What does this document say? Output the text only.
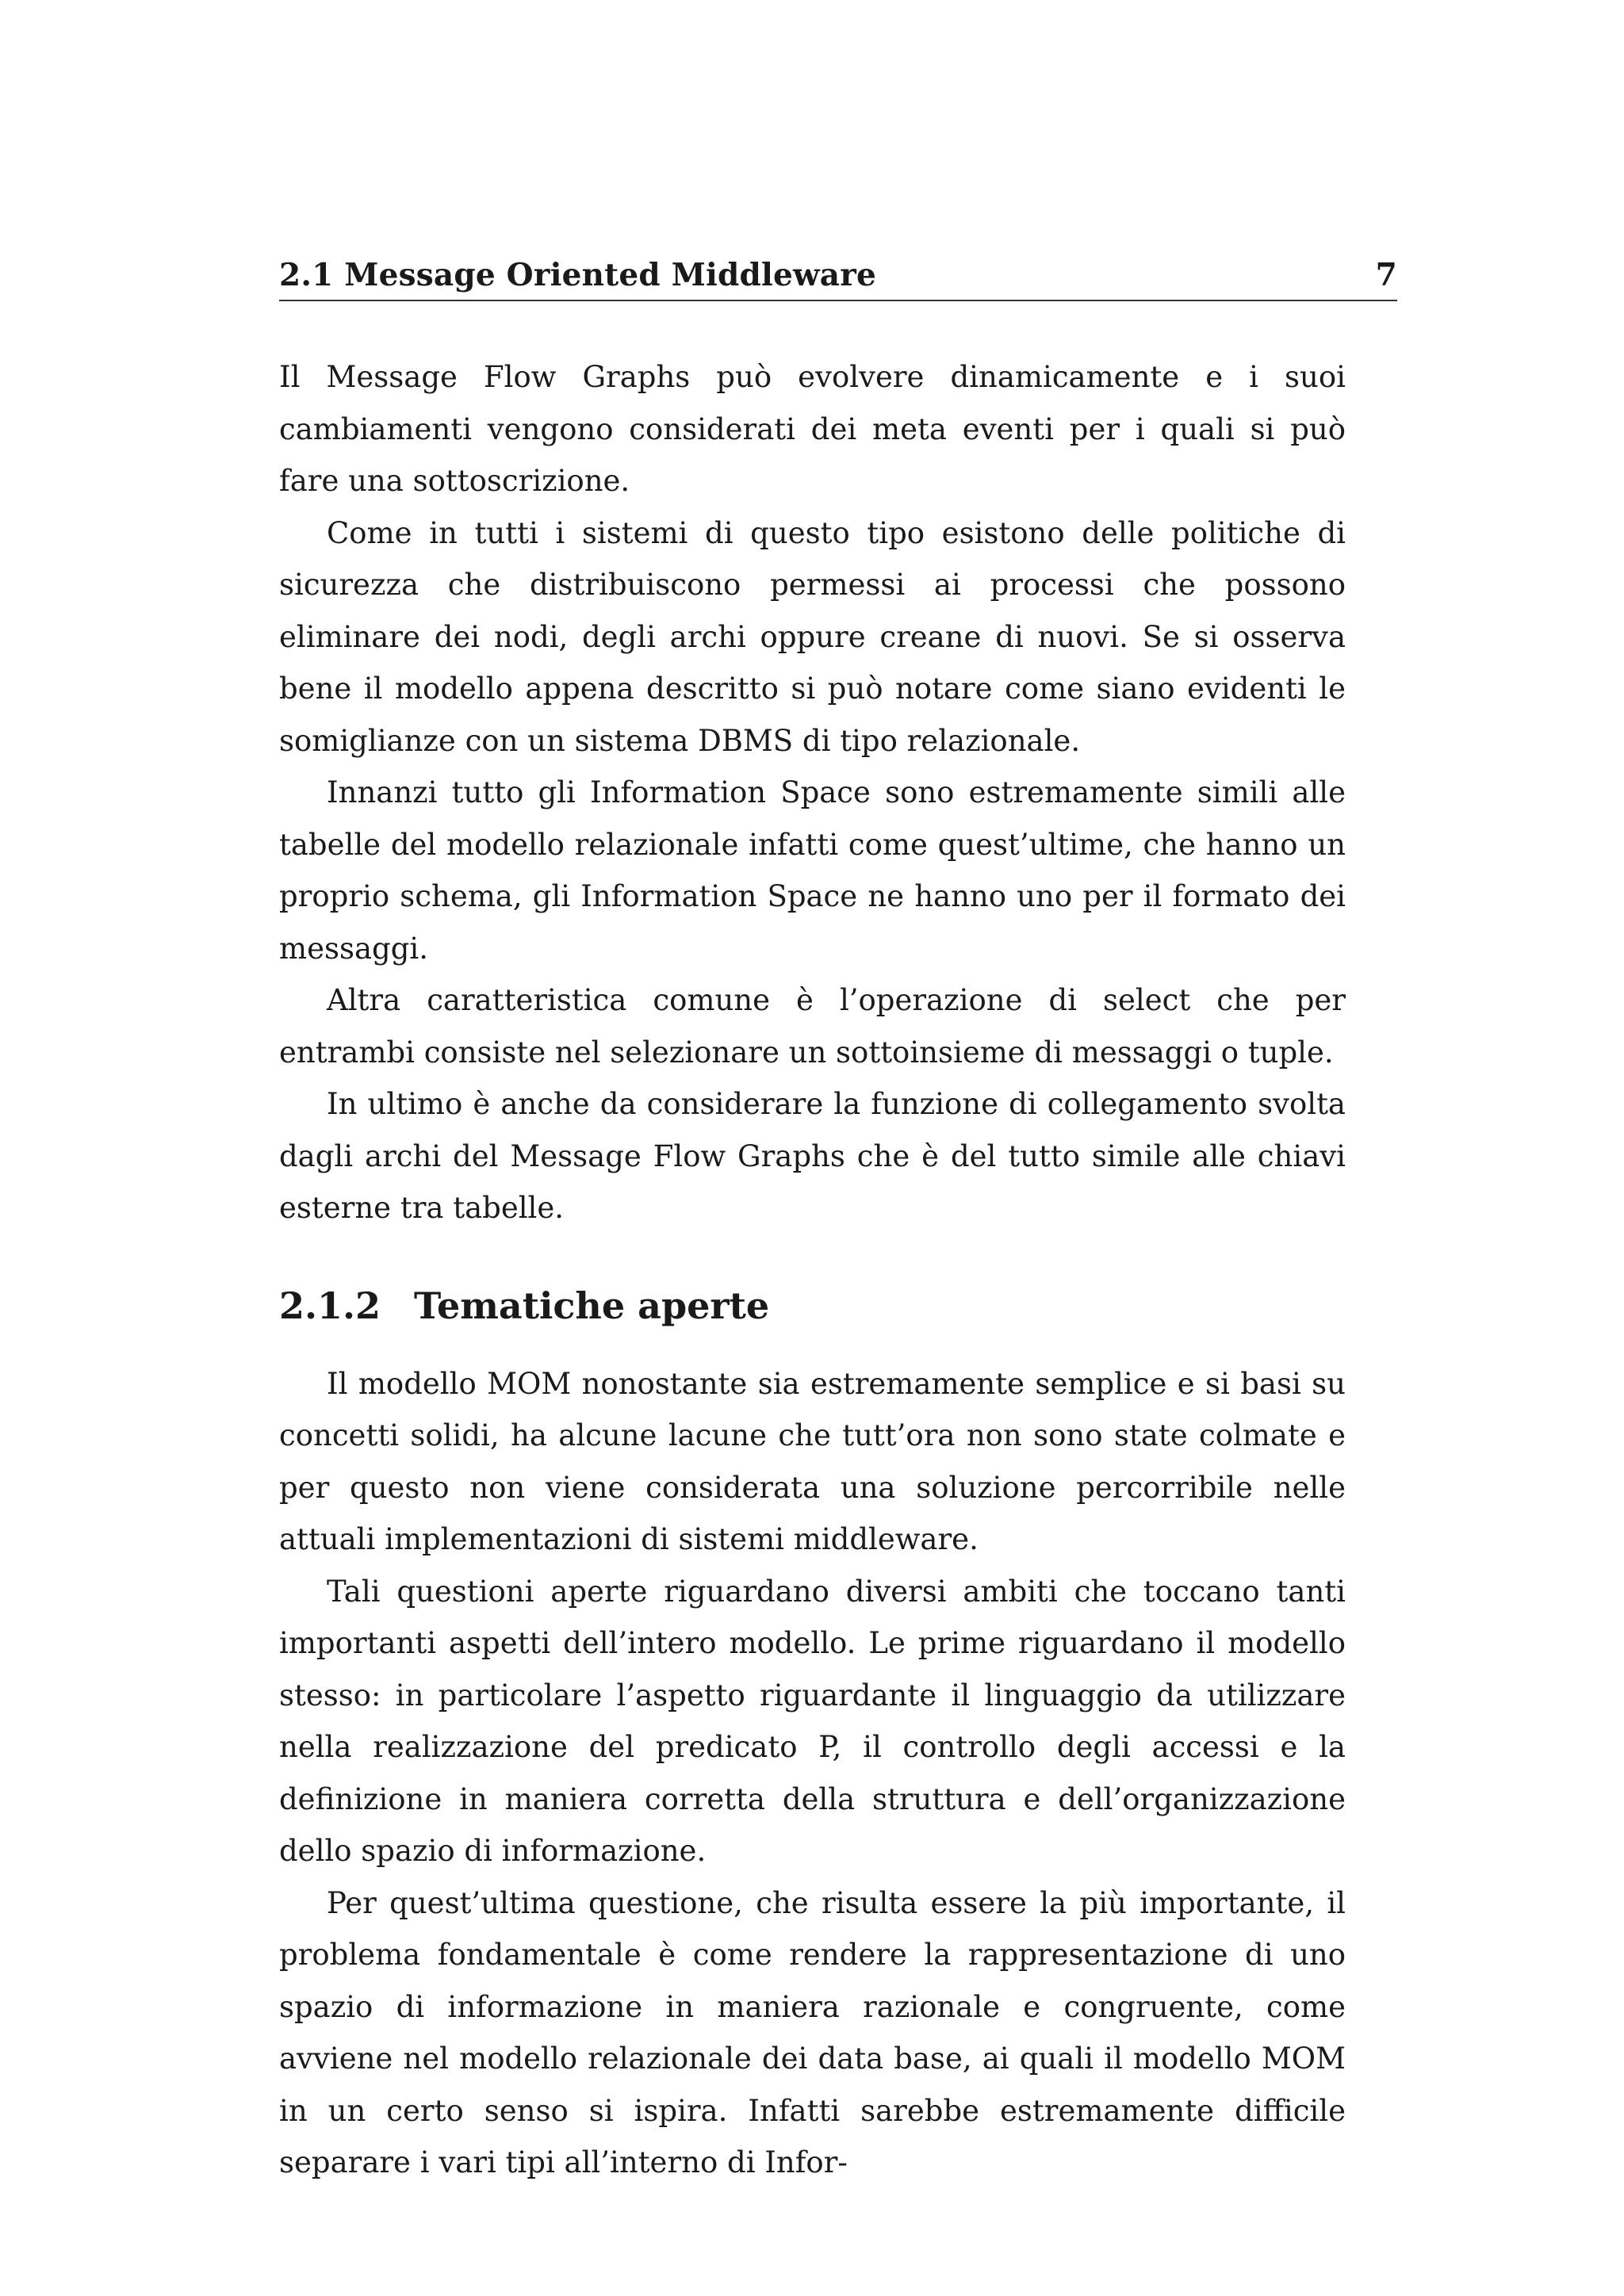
2.1 Message Oriented Middleware	7

Il Message Flow Graphs può evolvere dinamicamente e i suoi cambiamenti vengono considerati dei meta eventi per i quali si può fare una sottoscrizione.

Come in tutti i sistemi di questo tipo esistono delle politiche di sicurezza che distribuiscono permessi ai processi che possono eliminare dei nodi, degli archi oppure creane di nuovi. Se si osserva bene il modello appena descritto si può notare come siano evidenti le somiglianze con un sistema DBMS di tipo relazionale.

Innanzi tutto gli Information Space sono estremamente simili alle tabelle del modello relazionale infatti come quest’ultime, che hanno un proprio schema, gli Information Space ne hanno uno per il formato dei messaggi.

Altra caratteristica comune è l’operazione di select che per entrambi consiste nel selezionare un sottoinsieme di messaggi o tuple.

In ultimo è anche da considerare la funzione di collegamento svolta dagli archi del Message Flow Graphs che è del tutto simile alle chiavi esterne tra tabelle.

2.1.2 Tematiche aperte

Il modello MOM nonostante sia estremamente semplice e si basi su concetti solidi, ha alcune lacune che tutt’ora non sono state colmate e per questo non viene considerata una soluzione percorribile nelle attuali implementazioni di sistemi middleware.

Tali questioni aperte riguardano diversi ambiti che toccano tanti importanti aspetti dell’intero modello. Le prime riguardano il modello stesso: in particolare l’aspetto riguardante il linguaggio da utilizzare nella realizzazione del predicato P, il controllo degli accessi e la definizione in maniera corretta della struttura e dell’organizzazione dello spazio di informazione.

Per quest’ultima questione, che risulta essere la più importante, il problema fondamentale è come rendere la rappresentazione di uno spazio di informazione in maniera razionale e congruente, come avviene nel modello relazionale dei data base, ai quali il modello MOM in un certo senso si ispira. Infatti sarebbe estremamente difficile separare i vari tipi all’interno di Infor-
